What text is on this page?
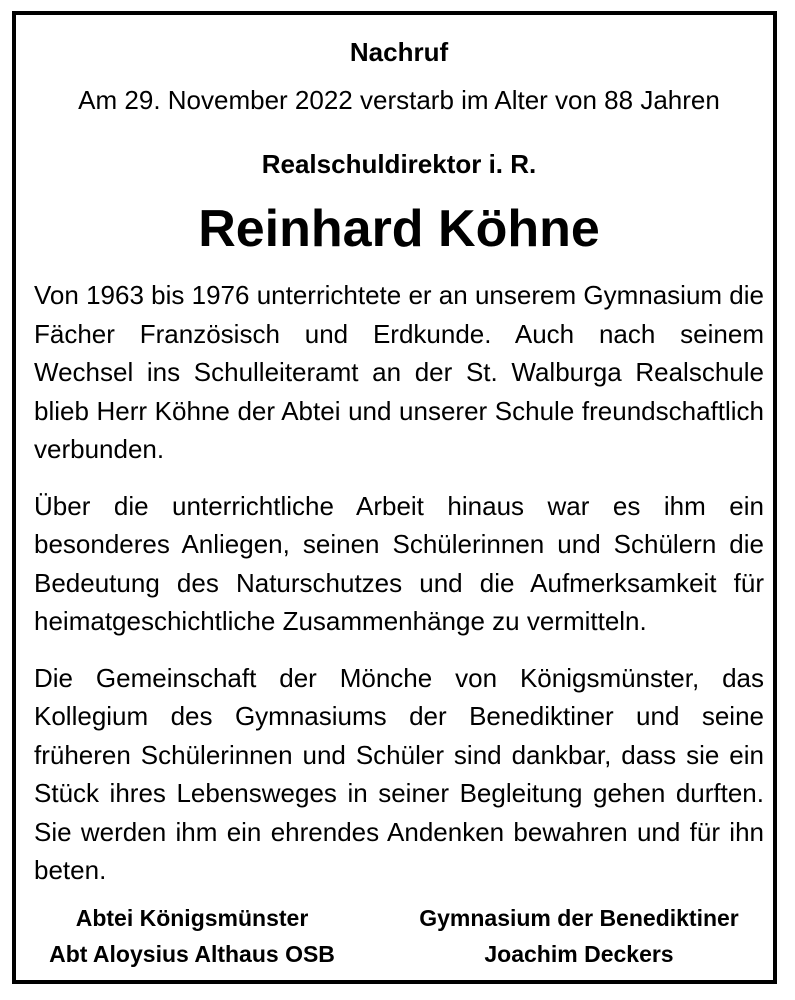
Nachruf
Am 29. November 2022 verstarb im Alter von 88 Jahren
Realschuldirektor i. R.
Reinhard Köhne

Von 1963 bis 1976 unterrichtete er an unserem Gymnasium die Fächer Französisch und Erdkunde. Auch nach seinem Wechsel ins Schulleiteramt an der St. Walburga Realschule blieb Herr Köhne der Abtei und unserer Schule freundschaftlich verbunden.

Über die unterrichtliche Arbeit hinaus war es ihm ein besonderes Anliegen, seinen Schülerinnen und Schülern die Bedeutung des Naturschutzes und die Aufmerksamkeit für heimatgeschichtliche Zusammenhänge zu vermitteln.

Die Gemeinschaft der Mönche von Königsmünster, das Kollegium des Gymnasiums der Benediktiner und seine früheren Schülerinnen und Schüler sind dankbar, dass sie ein Stück ihres Lebensweges in seiner Begleitung gehen durften. Sie werden ihm ein ehrendes Andenken bewahren und für ihn beten.

Abtei Königsmünster
Abt Aloysius Althaus OSB
Gymnasium der Benediktiner
Joachim Deckers
